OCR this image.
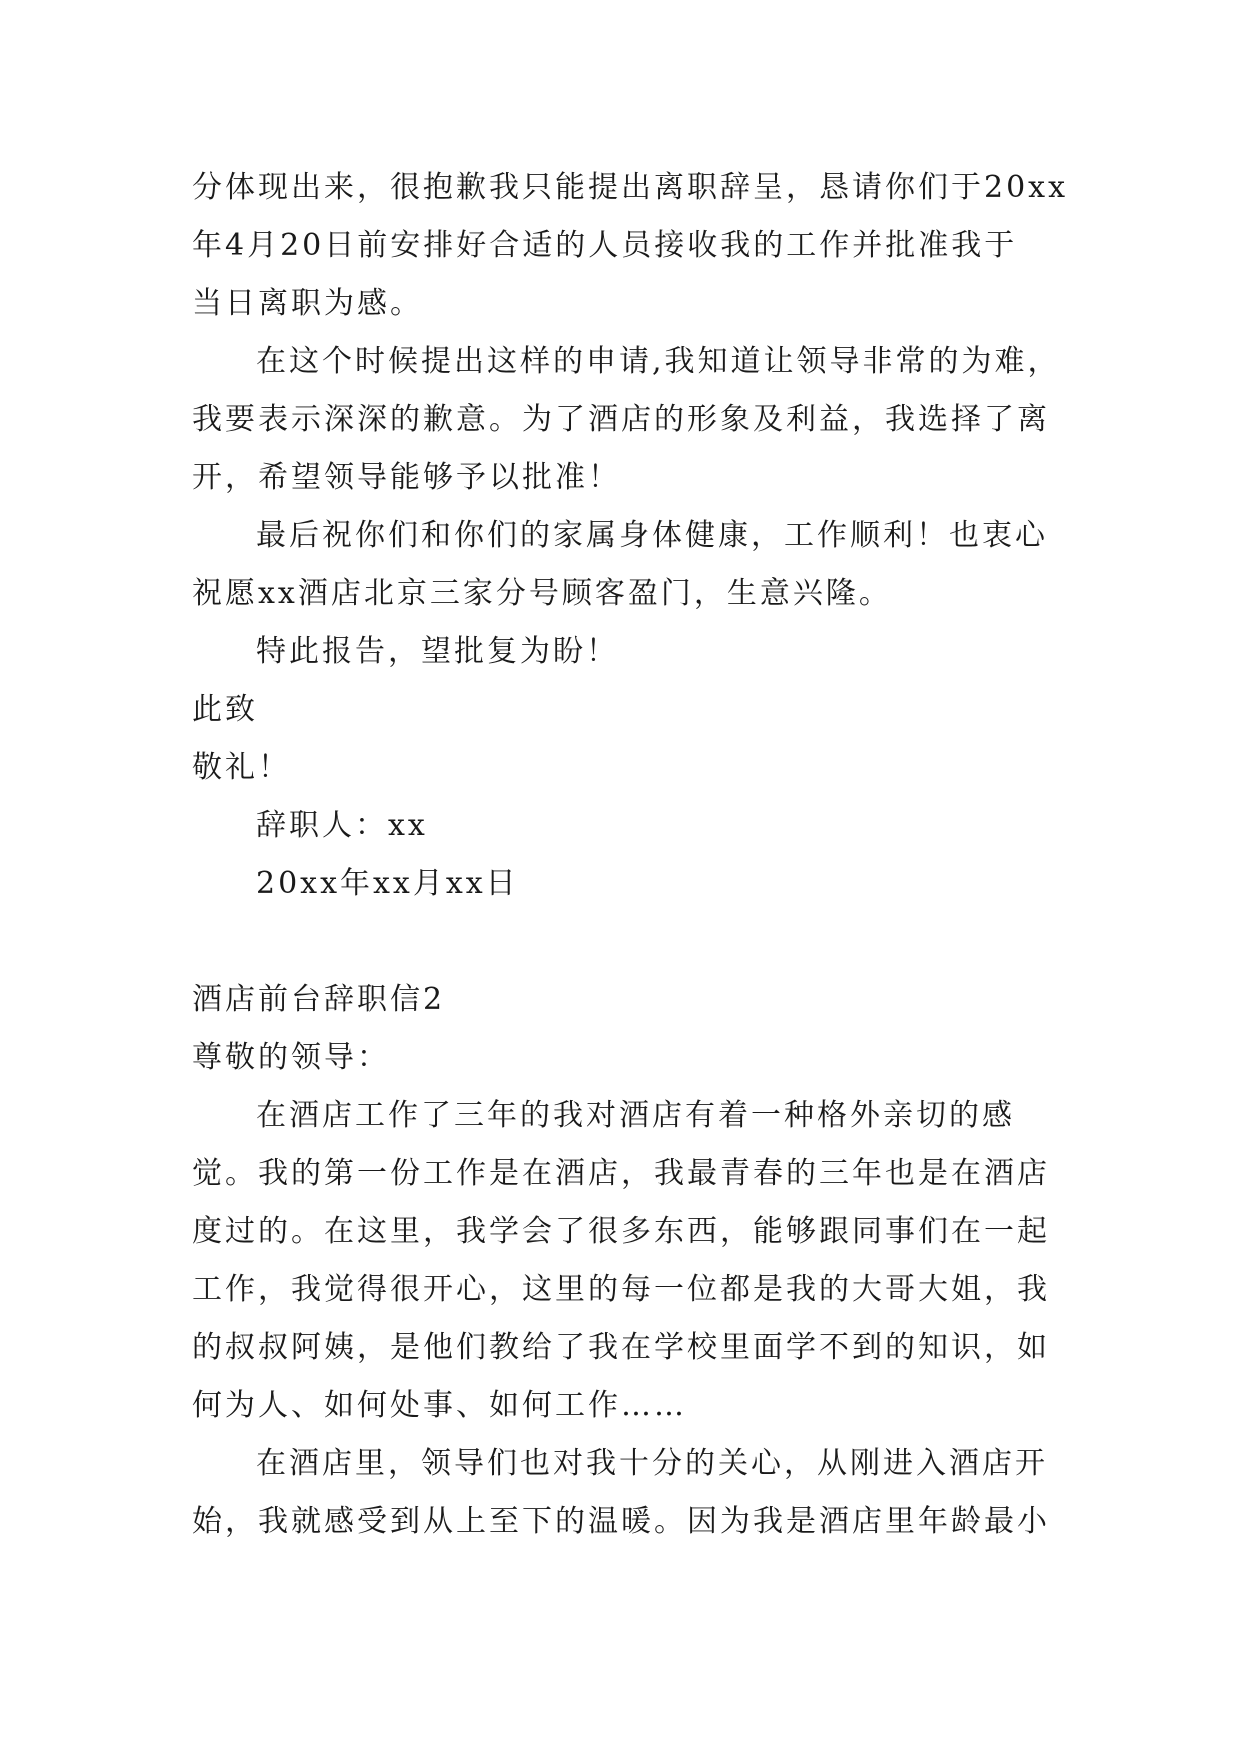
分体现出来，很抱歉我只能提出离职辞呈，恳请你们于20xx
年4月20日前安排好合适的人员接收我的工作并批准我于
当日离职为感。
在这个时候提出这样的申请,我知道让领导非常的为难，
我要表示深深的歉意。为了酒店的形象及利益，我选择了离
开，希望领导能够予以批准！
最后祝你们和你们的家属身体健康，工作顺利！也衷心
祝愿xx酒店北京三家分号顾客盈门，生意兴隆。
特此报告，望批复为盼！
此致
敬礼！
辞职人：xx
20xx年xx月xx日
酒店前台辞职信2
尊敬的领导：
在酒店工作了三年的我对酒店有着一种格外亲切的感
觉。我的第一份工作是在酒店，我最青春的三年也是在酒店
度过的。在这里，我学会了很多东西，能够跟同事们在一起
工作，我觉得很开心，这里的每一位都是我的大哥大姐，我
的叔叔阿姨，是他们教给了我在学校里面学不到的知识，如
何为人、如何处事、如何工作……
在酒店里，领导们也对我十分的关心，从刚进入酒店开
始，我就感受到从上至下的温暖。因为我是酒店里年龄最小
